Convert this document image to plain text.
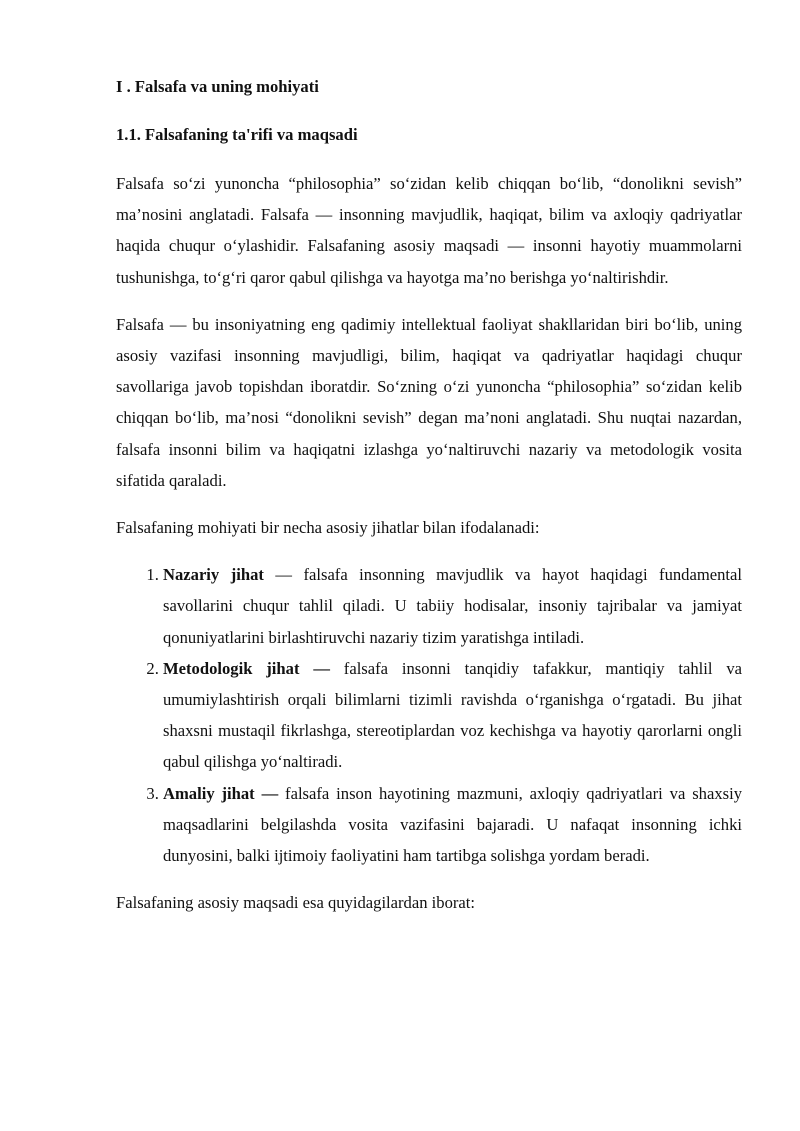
I . Falsafa va uning mohiyati
1.1. Falsafaning ta'rifi va maqsadi

Falsafa so‘zi yunoncha “philosophia” so‘zidan kelib chiqqan bo‘lib, “donolikni sevish” ma’nosini anglatadi. Falsafa — insonning mavjudlik, haqiqat, bilim va axloqiy qadriyatlar haqida chuqur o‘ylashidir. Falsafaning asosiy maqsadi — insonni hayotiy muammolarni tushunishga, to‘g‘ri qaror qabul qilishga va hayotga ma’no berishga yo‘naltirishdir.

Falsafa — bu insoniyatning eng qadimiy intellektual faoliyat shakllaridan biri bo‘lib, uning asosiy vazifasi insonning mavjudligi, bilim, haqiqat va qadriyatlar haqidagi chuqur savollariga javob topishdan iboratdir. So‘zning o‘zi yunoncha “philosophia” so‘zidan kelib chiqqan bo‘lib, ma’nosi “donolikni sevish” degan ma’noni anglatadi. Shu nuqtai nazardan, falsafa insonni bilim va haqiqatni izlashga yo‘naltiruvchi nazariy va metodologik vosita sifatida qaraladi.

Falsafaning mohiyati bir necha asosiy jihatlar bilan ifodalanadi:

1. Nazariy jihat — falsafa insonning mavjudlik va hayot haqidagi fundamental savollarini chuqur tahlil qiladi. U tabiiy hodisalar, insoniy tajribalar va jamiyat qonuniyatlarini birlashtiruvchi nazariy tizim yaratishga intiladi.
2. Metodologik jihat — falsafa insonni tanqidiy tafakkur, mantiqiy tahlil va umumiylashtirish orqali bilimlarni tizimli ravishda o‘rganishga o‘rgatadi. Bu jihat shaxsni mustaqil fikrlashga, stereotiplardan voz kechishga va hayotiy qarorlarni ongli qabul qilishga yo‘naltiradi.
3. Amaliy jihat — falsafa inson hayotining mazmuni, axloqiy qadriyatlari va shaxsiy maqsadlarini belgilashda vosita vazifasini bajaradi. U nafaqat insonning ichki dunyosini, balki ijtimoiy faoliyatini ham tartibga solishga yordam beradi.

Falsafaning asosiy maqsadi esa quyidagilardan iborat:
